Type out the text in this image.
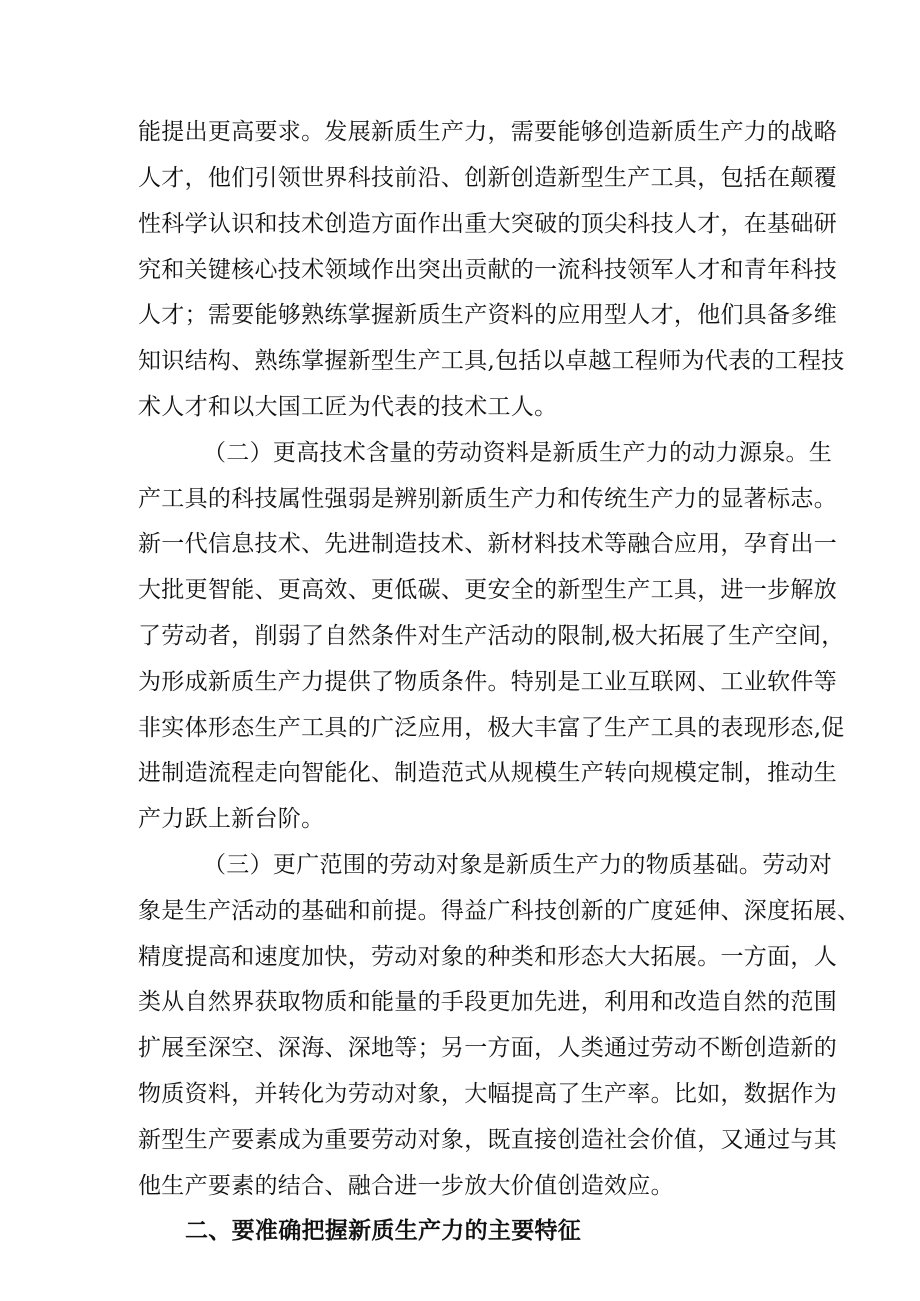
能提出更高要求。发展新质生产力，需要能够创造新质生产力的战略
人才，他们引领世界科技前沿、创新创造新型生产工具，包括在颠覆
性科学认识和技术创造方面作出重大突破的顶尖科技人才，在基础研
究和关键核心技术领域作出突出贡献的一流科技领军人才和青年科技
人才；需要能够熟练掌握新质生产资料的应用型人才，他们具备多维
知识结构、熟练掌握新型生产工具,包括以卓越工程师为代表的工程技
术人才和以大国工匠为代表的技术工人。
（二）更高技术含量的劳动资料是新质生产力的动力源泉。生
产工具的科技属性强弱是辨别新质生产力和传统生产力的显著标志。
新一代信息技术、先进制造技术、新材料技术等融合应用，孕育出一
大批更智能、更高效、更低碳、更安全的新型生产工具，进一步解放
了劳动者，削弱了自然条件对生产活动的限制,极大拓展了生产空间，
为形成新质生产力提供了物质条件。特别是工业互联网、工业软件等
非实体形态生产工具的广泛应用，极大丰富了生产工具的表现形态,促
进制造流程走向智能化、制造范式从规模生产转向规模定制，推动生
产力跃上新台阶。
（三）更广范围的劳动对象是新质生产力的物质基础。劳动对
象是生产活动的基础和前提。得益广科技创新的广度延伸、深度拓展、
精度提高和速度加快，劳动对象的种类和形态大大拓展。一方面，人
类从自然界获取物质和能量的手段更加先进，利用和改造自然的范围
扩展至深空、深海、深地等；另一方面，人类通过劳动不断创造新的
物质资料，并转化为劳动对象，大幅提高了生产率。比如，数据作为
新型生产要素成为重要劳动对象，既直接创造社会价值，又通过与其
他生产要素的结合、融合进一步放大价值创造效应。
二、要准确把握新质生产力的主要特征
